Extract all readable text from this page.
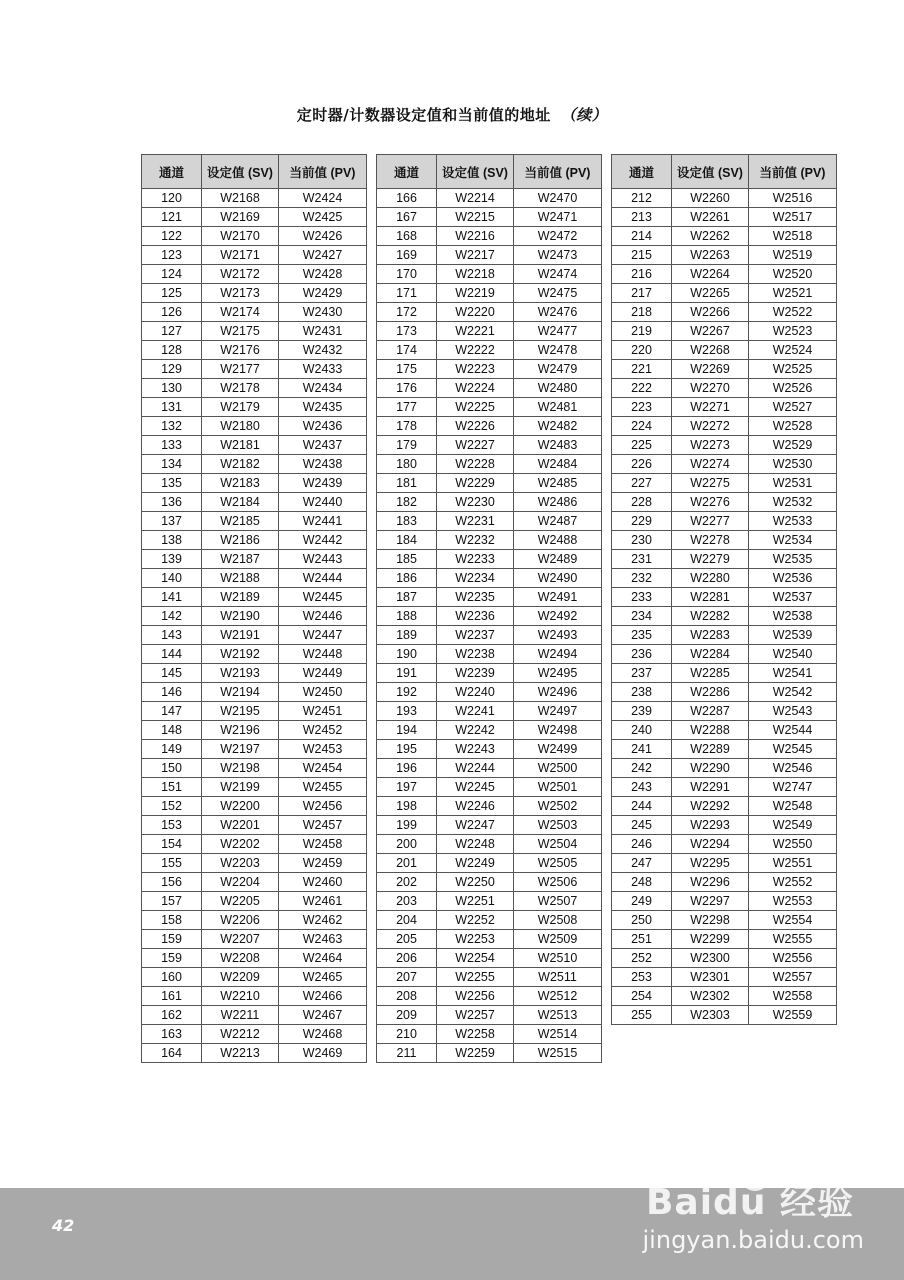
定时器/计数器设定值和当前值的地址 （续）
通道	设定值 (SV)	当前值 (PV)
120	W2168	W2424
121	W2169	W2425
122	W2170	W2426
123	W2171	W2427
124	W2172	W2428
125	W2173	W2429
126	W2174	W2430
127	W2175	W2431
128	W2176	W2432
129	W2177	W2433
130	W2178	W2434
131	W2179	W2435
132	W2180	W2436
133	W2181	W2437
134	W2182	W2438
135	W2183	W2439
136	W2184	W2440
137	W2185	W2441
138	W2186	W2442
139	W2187	W2443
140	W2188	W2444
141	W2189	W2445
142	W2190	W2446
143	W2191	W2447
144	W2192	W2448
145	W2193	W2449
146	W2194	W2450
147	W2195	W2451
148	W2196	W2452
149	W2197	W2453
150	W2198	W2454
151	W2199	W2455
152	W2200	W2456
153	W2201	W2457
154	W2202	W2458
155	W2203	W2459
156	W2204	W2460
157	W2205	W2461
158	W2206	W2462
159	W2207	W2463
159	W2208	W2464
160	W2209	W2465
161	W2210	W2466
162	W2211	W2467
163	W2212	W2468
164	W2213	W2469
通道	设定值 (SV)	当前值 (PV)
166	W2214	W2470
167	W2215	W2471
168	W2216	W2472
169	W2217	W2473
170	W2218	W2474
171	W2219	W2475
172	W2220	W2476
173	W2221	W2477
174	W2222	W2478
175	W2223	W2479
176	W2224	W2480
177	W2225	W2481
178	W2226	W2482
179	W2227	W2483
180	W2228	W2484
181	W2229	W2485
182	W2230	W2486
183	W2231	W2487
184	W2232	W2488
185	W2233	W2489
186	W2234	W2490
187	W2235	W2491
188	W2236	W2492
189	W2237	W2493
190	W2238	W2494
191	W2239	W2495
192	W2240	W2496
193	W2241	W2497
194	W2242	W2498
195	W2243	W2499
196	W2244	W2500
197	W2245	W2501
198	W2246	W2502
199	W2247	W2503
200	W2248	W2504
201	W2249	W2505
202	W2250	W2506
203	W2251	W2507
204	W2252	W2508
205	W2253	W2509
206	W2254	W2510
207	W2255	W2511
208	W2256	W2512
209	W2257	W2513
210	W2258	W2514
211	W2259	W2515
通道	设定值 (SV)	当前值 (PV)
212	W2260	W2516
213	W2261	W2517
214	W2262	W2518
215	W2263	W2519
216	W2264	W2520
217	W2265	W2521
218	W2266	W2522
219	W2267	W2523
220	W2268	W2524
221	W2269	W2525
222	W2270	W2526
223	W2271	W2527
224	W2272	W2528
225	W2273	W2529
226	W2274	W2530
227	W2275	W2531
228	W2276	W2532
229	W2277	W2533
230	W2278	W2534
231	W2279	W2535
232	W2280	W2536
233	W2281	W2537
234	W2282	W2538
235	W2283	W2539
236	W2284	W2540
237	W2285	W2541
238	W2286	W2542
239	W2287	W2543
240	W2288	W2544
241	W2289	W2545
242	W2290	W2546
243	W2291	W2747
244	W2292	W2548
245	W2293	W2549
246	W2294	W2550
247	W2295	W2551
248	W2296	W2552
249	W2297	W2553
250	W2298	W2554
251	W2299	W2555
252	W2300	W2556
253	W2301	W2557
254	W2302	W2558
255	W2303	W2559
42
Baidu 经验
jingyan.baidu.com
